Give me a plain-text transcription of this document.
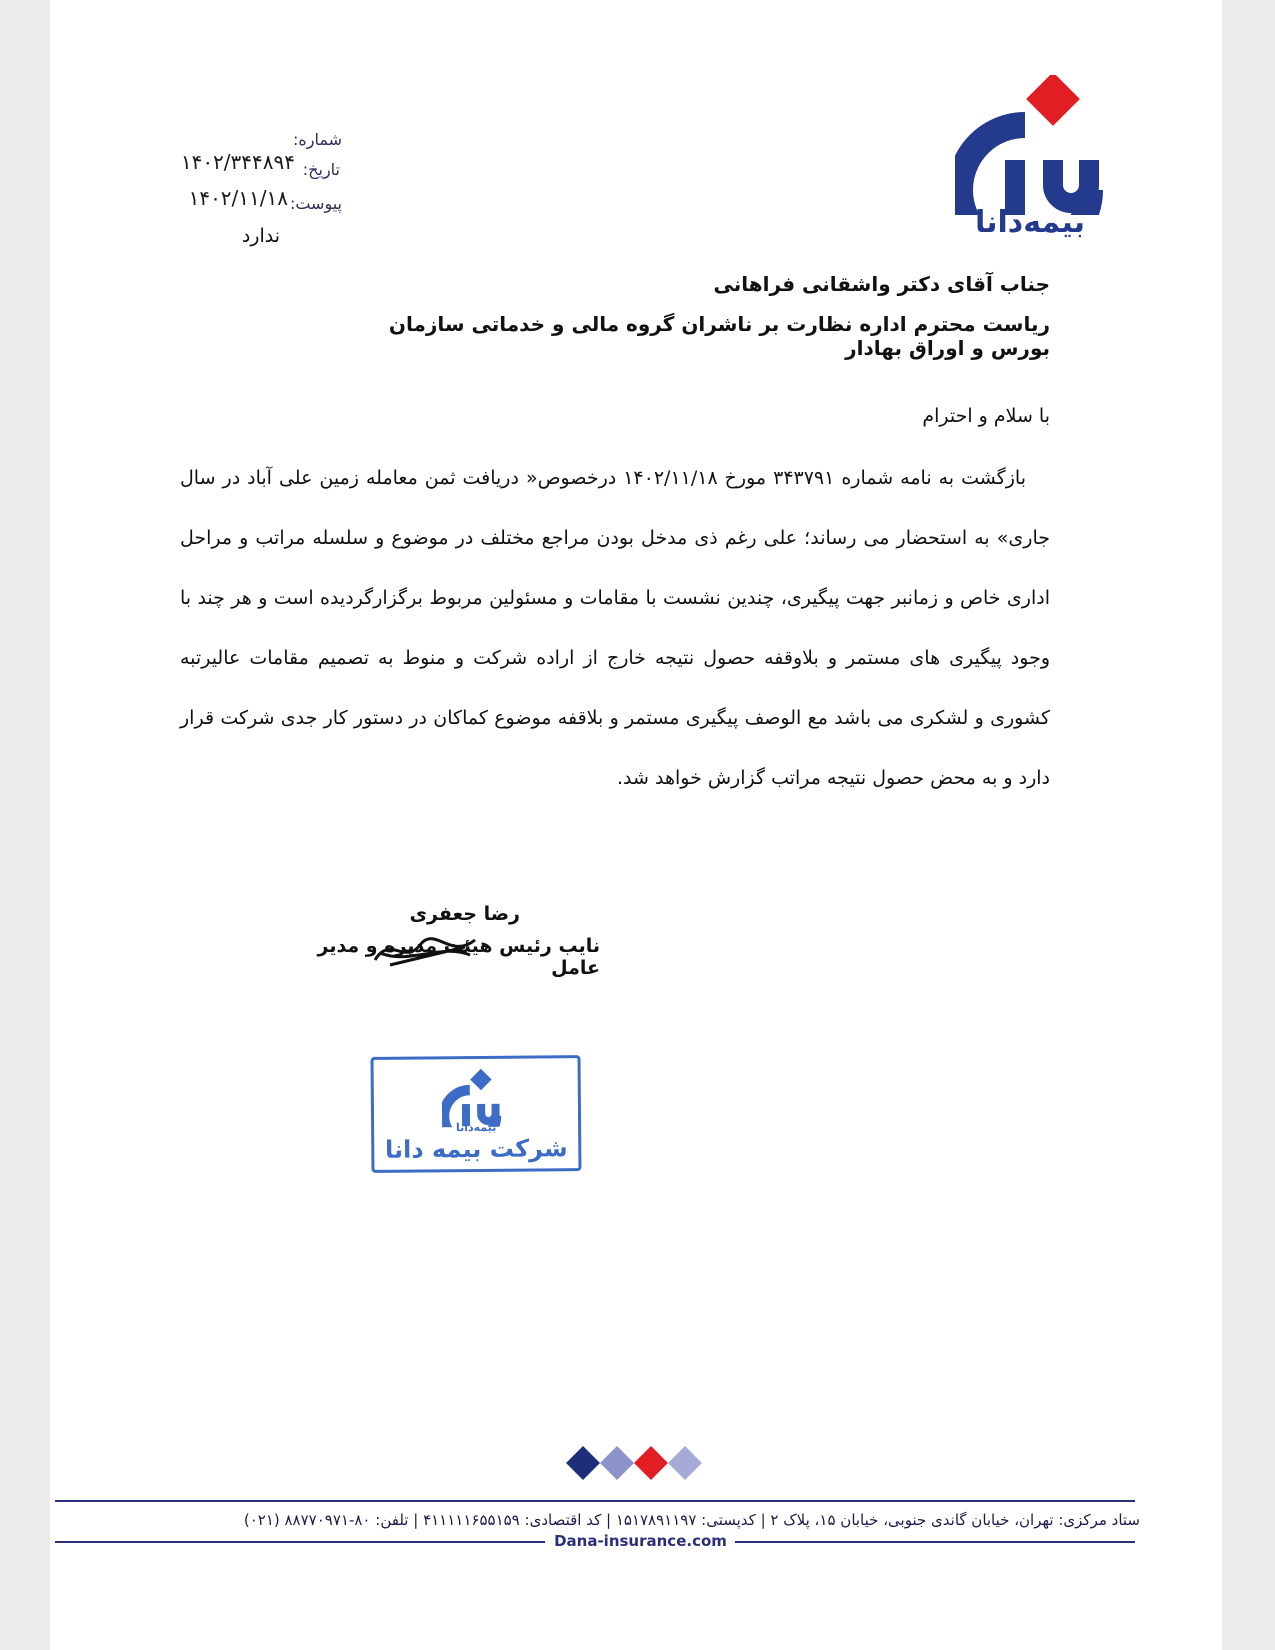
بیمه‌دانا
شماره:
۱۴۰۲/۳۴۴۸۹۴ تاریخ:
۱۴۰۲/۱۱/۱۸ پیوست:
ندارد
جناب آقای دکتر واشقانی فراهانی
ریاست محترم اداره نظارت بر ناشران گروه مالی و خدماتی سازمان بورس و اوراق بهادار
با سلام و احترام
بازگشت به نامه شماره ۳۴۳۷۹۱ مورخ ۱۴۰۲/۱۱/۱۸ درخصوص« دریافت ثمن معامله زمین علی آباد در سال جاری» به استحضار می رساند؛ علی رغم ذی مدخل بودن مراجع مختلف در موضوع و سلسله مراتب و مراحل اداری خاص و زمانبر جهت پیگیری، چندین نشست با مقامات و مسئولین مربوط برگزارگردیده است و هر چند با وجود پیگیری های مستمر و بلاوقفه حصول نتیجه خارج از اراده شرکت و منوط به تصمیم مقامات عالیرتبه کشوری و لشکری می باشد مع الوصف پیگیری مستمر و بلاقفه موضوع کماکان در دستور کار جدی شرکت قرار دارد و به محض حصول نتیجه مراتب گزارش خواهد شد.
رضا جعفری
نایب رئیس هیئت مدیره و مدیر عامل
بیمه‌دانا
شرکت بیمه دانا
ستاد مرکزی: تهران، خیابان گاندی جنوبی، خیابان ۱۵، پلاک ۲ | کدپستی: ۱۵۱۷۸۹۱۱۹۷ | کد اقتصادی: ۴۱۱۱۱۱۶۵۵۱۵۹ | تلفن: ۸۰-۸۸۷۷۰۹۷۱ (۰۲۱)
Dana-insurance.com
